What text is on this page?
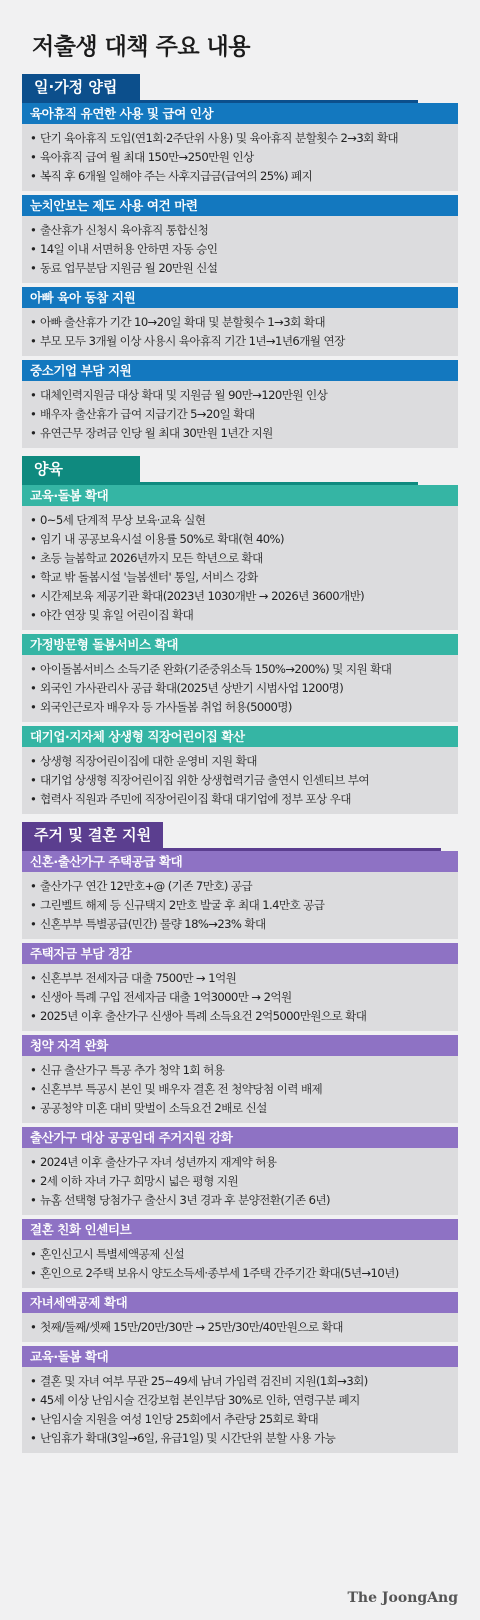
저출생 대책 주요 내용
일·가정 양립
육아휴직 유연한 사용 및 급여 인상
• 단기 육아휴직 도입(연1회·2주단위 사용) 및 육아휴직 분할횟수 2→3회 확대
• 육아휴직 급여 월 최대 150만→250만원 인상
• 복직 후 6개월 일해야 주는 사후지급금(급여의 25%) 폐지
눈치안보는 제도 사용 여건 마련
• 출산휴가 신청시 육아휴직 통합신청
• 14일 이내 서면허용 안하면 자동 승인
• 동료 업무분담 지원금 월 20만원 신설
아빠 육아 동참 지원
• 아빠 출산휴가 기간 10→20일 확대 및 분할횟수 1→3회 확대
• 부모 모두 3개월 이상 사용시 육아휴직 기간 1년→1년6개월 연장
중소기업 부담 지원
• 대체인력지원금 대상 확대 및 지원금 월 90만→120만원 인상
• 배우자 출산휴가 급여 지급기간 5→20일 확대
• 유연근무 장려금 인당 월 최대 30만원 1년간 지원
양육
교육·돌봄 확대
• 0~5세 단계적 무상 보육·교육 실현
• 임기 내 공공보육시설 이용률 50%로 확대(현 40%)
• 초등 늘봄학교 2026년까지 모든 학년으로 확대
• 학교 밖 돌봄시설 '늘봄센터' 통일, 서비스 강화
• 시간제보육 제공기관 확대(2023년 1030개반 → 2026년 3600개반)
• 야간 연장 및 휴일 어린이집 확대
가정방문형 돌봄서비스 확대
• 아이돌봄서비스 소득기준 완화(기준중위소득 150%→200%) 및 지원 확대
• 외국인 가사관리사 공급 확대(2025년 상반기 시범사업 1200명)
• 외국인근로자 배우자 등 가사돌봄 취업 허용(5000명)
대기업·지자체 상생형 직장어린이집 확산
• 상생형 직장어린이집에 대한 운영비 지원 확대
• 대기업 상생형 직장어린이집 위한 상생협력기금 출연시 인센티브 부여
• 협력사 직원과 주민에 직장어린이집 확대 대기업에 정부 포상 우대
주거 및 결혼 지원
신혼·출산가구 주택공급 확대
• 출산가구 연간 12만호+@ (기존 7만호) 공급
• 그린벨트 해제 등 신규택지 2만호 발굴 후 최대 1.4만호 공급
• 신혼부부 특별공급(민간) 물량 18%→23% 확대
주택자금 부담 경감
• 신혼부부 전세자금 대출 7500만 → 1억원
• 신생아 특례 구입 전세자금 대출 1억3000만 → 2억원
• 2025년 이후 출산가구 신생아 특례 소득요건 2억5000만원으로 확대
청약 자격 완화
• 신규 출산가구 특공 추가 청약 1회 허용
• 신혼부부 특공시 본인 및 배우자 결혼 전 청약당첨 이력 배제
• 공공청약 미혼 대비 맞벌이 소득요건 2배로 신설
출산가구 대상 공공임대 주거지원 강화
• 2024년 이후 출산가구 자녀 성년까지 재계약 허용
• 2세 이하 자녀 가구 희망시 넓은 평형 지원
• 뉴홈 선택형 당첨가구 출산시 3년 경과 후 분양전환(기존 6년)
결혼 친화 인센티브
• 혼인신고시 특별세액공제 신설
• 혼인으로 2주택 보유시 양도소득세·종부세 1주택 간주기간 확대(5년→10년)
자녀세액공제 확대
• 첫째/둘째/셋째 15만/20만/30만 → 25만/30만/40만원으로 확대
교육·돌봄 확대
• 결혼 및 자녀 여부 무관 25~49세 남녀 가임력 검진비 지원(1회→3회)
• 45세 이상 난임시술 건강보험 본인부담 30%로 인하, 연령구분 폐지
• 난임시술 지원을 여성 1인당 25회에서 추란당 25회로 확대
• 난임휴가 확대(3일→6일, 유급1일) 및 시간단위 분할 사용 가능
The JoongAng
